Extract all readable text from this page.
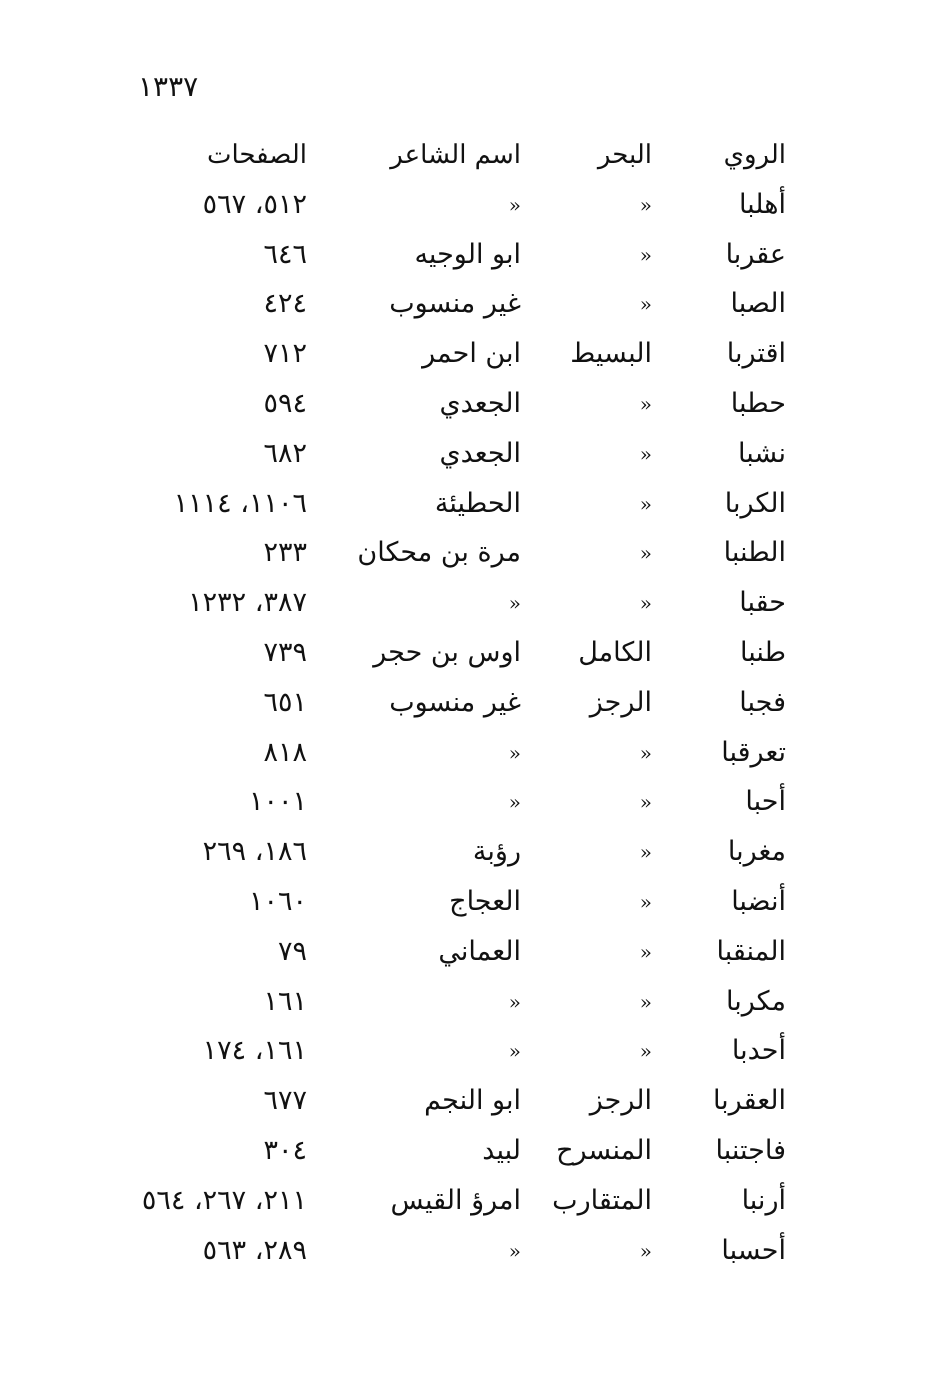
١٣٣٧
الروي
البحر
اسم الشاعر
الصفحات
أهلبا
«
«
٥١٢، ٥٦٧
عقربا
«
ابو الوجيه
٦٤٦
الصبا
«
غير منسوب
٤٢٤
اقتربا
البسيط
ابن احمر
٧١٢
حطبا
«
الجعدي
٥٩٤
نشبا
«
الجعدي
٦٨٢
الكربا
«
الحطيئة
١١٠٦، ١١١٤
الطنبا
«
مرة بن محكان
٢٣٣
حقبا
«
«
٣٨٧، ١٢٣٢
طنبا
الكامل
اوس بن حجر
٧٣٩
فجبا
الرجز
غير منسوب
٦٥١
تعرقبا
«
«
٨١٨
أحبا
«
«
١٠٠١
مغربا
«
رؤبة
١٨٦، ٢٦٩
أنضبا
«
العجاج
١٠٦٠
المنقبا
«
العماني
٧٩
مكربا
«
«
١٦١
أحدبا
«
«
١٦١، ١٧٤
العقربا
الرجز
ابو النجم
٦٧٧
فاجتنبا
المنسرح
لبيد
٣٠٤
أرنبا
المتقارب
امرؤ القيس
٢١١، ٢٦٧، ٥٦٤
أحسبا
«
«
٢٨٩، ٥٦٣
